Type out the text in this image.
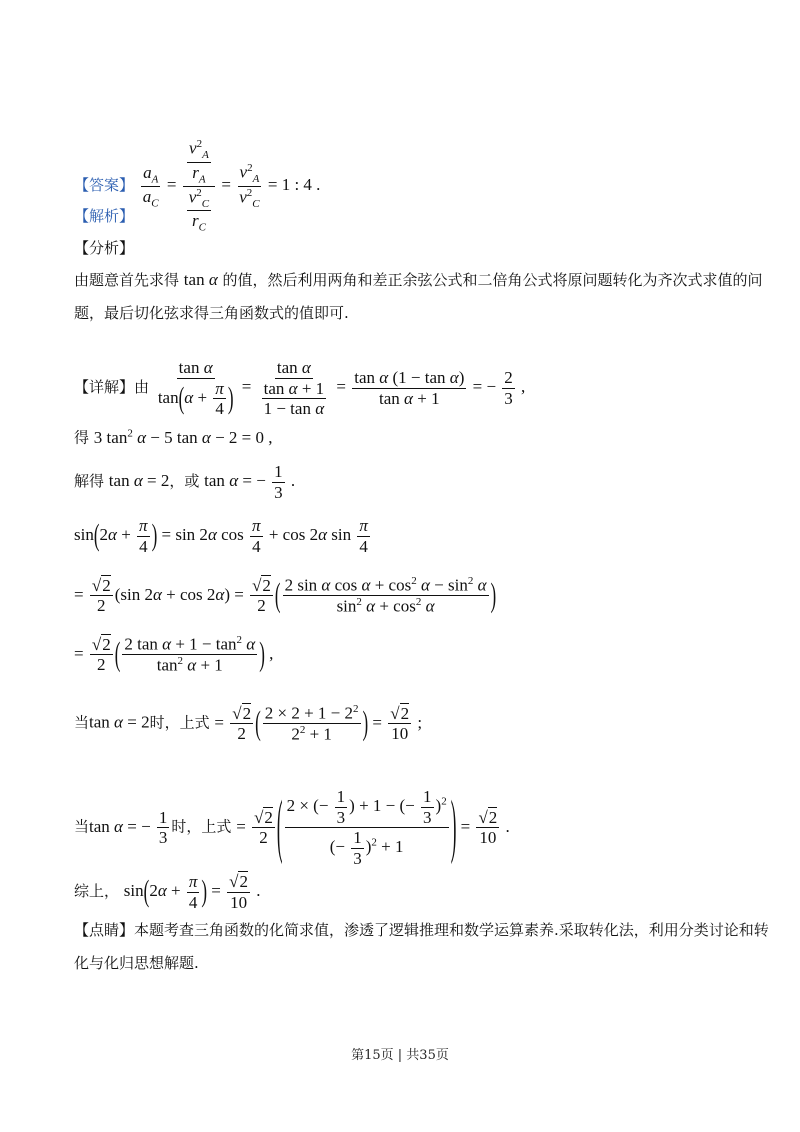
【答案】 $\frac{a_A}{a_C} = \frac{\frac{v^2_A}{r_A}}{\frac{v^2_C}{r_C}} = \frac{v^2_A}{v^2_C} = 1$ : 4 .
【解析】
【分析】
由题意首先求得 tan α 的值，然后利用两角和差正余弦公式和二倍角公式将原问题转化为齐次式求值的问
题，最后切化弦求得三角函数式的值即可.
【详解】由 $\frac{\text{tan α}}{\tan(\alpha + \frac{\pi}{4} )} = \frac{\text{tan α}}{\frac{\text{tan α + 1}}{\text{1 − tan α}}} = \frac{\text{tan α (1 − tan α)}}{\text{tan α + 1}}$ = − $\frac{2}{3}$ ,
得 3 $\tan^2 \alpha - 5$ tan α − 2 = 0 ,
解得 tan α = 2，或 tan α = − $\frac{1}{3}$ .
$\sin(2\alpha + \frac{\pi}{4}$ ) = sin 2α $\cos \frac{\pi}{4} + \cos 2\alpha$ $\sin \frac{\pi}{4}$
= $\frac{√2}{2} (\sin$ $2\alpha + \cos 2\alpha) = \frac{√2}{2}$ ( $\frac{2 \sin \alpha \cos \alpha + \cos^2 \alpha - \sin^2 \alpha}{\sin^2 \alpha + \cos^2 \alpha}$ )
= $\frac{√2}{2}$ ( $\frac{2 \tan \alpha + 1 - \tan^2 \alpha}{\tan^2 \alpha + 1}$ ) ,
当tan α = 2时，上式 = $\frac{√2}{2}$ ( $\frac{2 \times 2 + 1 - 2^2}{2^2 + 1}$ ) = $\frac{√2}{10}$ ;
当tan α = − $\frac{1}{3}$ 时，上式 = $\frac{√2}{2}$ ( $\frac{2 \times (- \frac{1}{3} ) + 1 - (- \frac{1}{3} )^2}{(- \frac{1}{3} )^2 + 1}$ ) = $\frac{√2}{10}$ .
综上， $\sin(2\alpha + \frac{\pi}{4}$ ) = $\frac{√2}{10}$ .
【点睛】本题考查三角函数的化简求值，渗透了逻辑推理和数学运算素养.采取转化法，利用分类讨论和转
化与化归思想解题.
第15页 | 共35页
